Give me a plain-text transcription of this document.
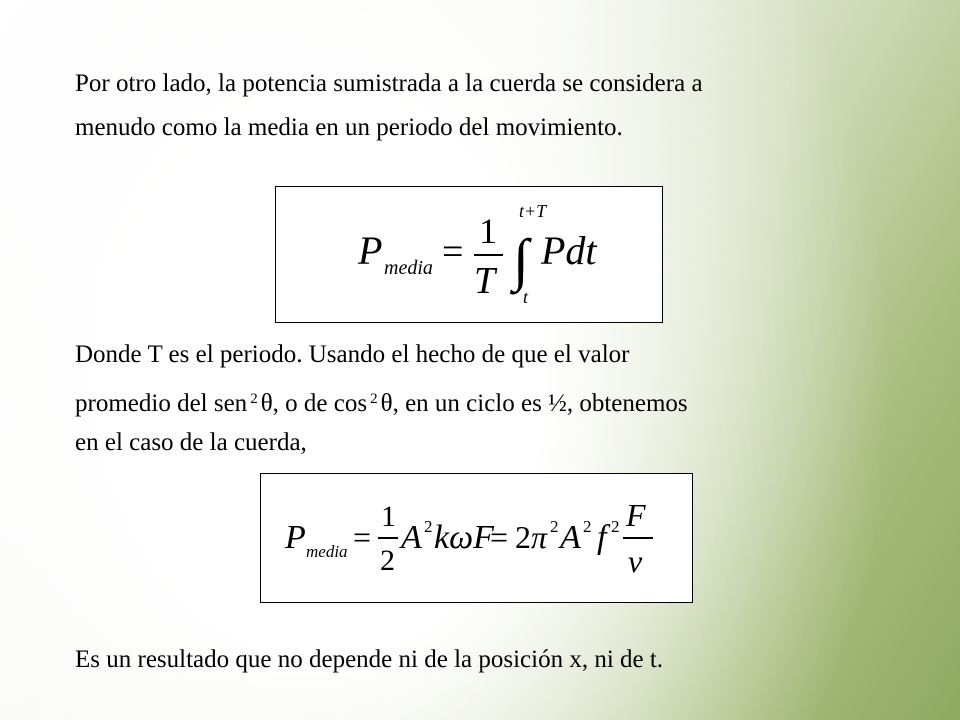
Por otro lado, la potencia sumistrada a la cuerda se considera a
menudo como la media en un periodo del movimiento.
P media = 1
T ∫
t+T
t
Pdt
Donde T es el periodo. Usando el hecho de que el valor
promedio del sen $^2$ θ, o de cos $^2$ θ, en un ciclo es ½, obtenemos
en el caso de la cuerda,
P media =
1
2
A 2 kωF
= 2 π 2 A 2 f 2 F
ν
Es un resultado que no depende ni de la posición x, ni de t.
